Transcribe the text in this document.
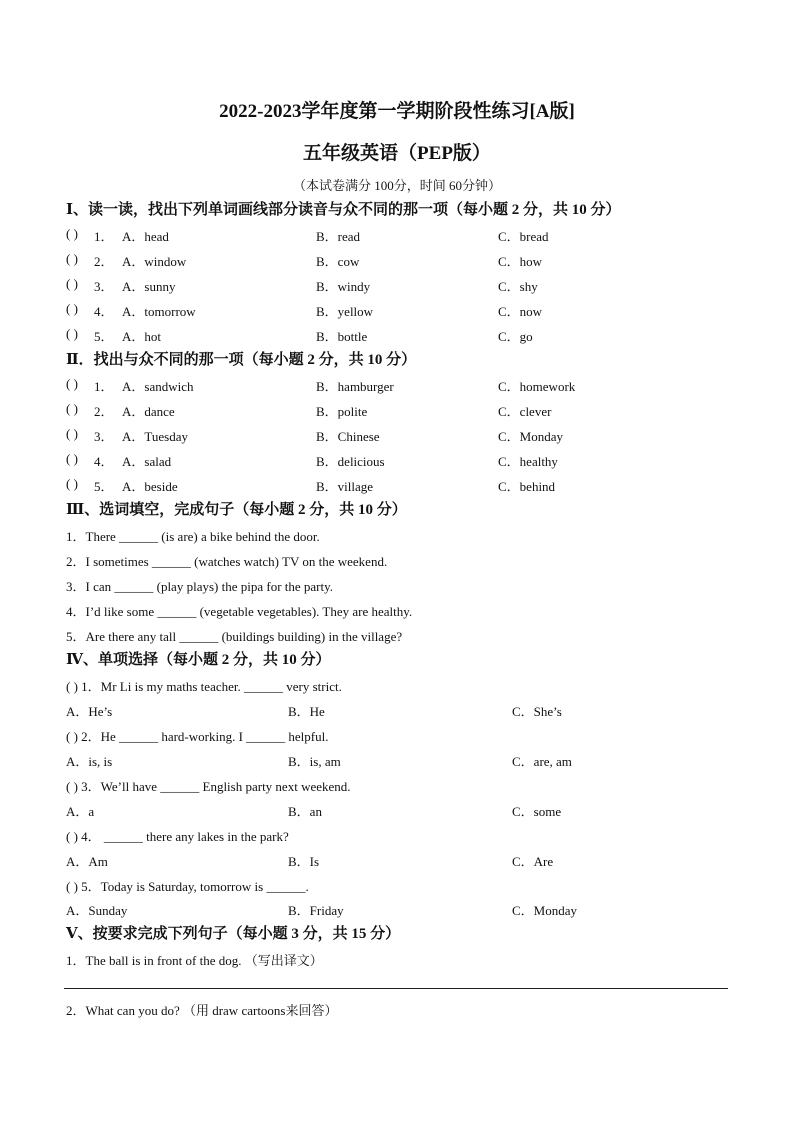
2022-2023学年度第一学期阶段性练习[A版]
五年级英语（PEP版）
（本试卷满分 100分，时间 60分钟）
Ⅰ、读一读，找出下列单词画线部分读音与众不同的那一项（每小题 2 分，共 10 分）
( ) 1． A．head	B．read	C．bread
( ) 2． A．window	B．cow	C．how
( ) 3． A．sunny	B．windy	C．shy
( ) 4． A．tomorrow	B．yellow	C．now
( ) 5． A．hot	B．bottle	C．go
Ⅱ．找出与众不同的那一项（每小题 2 分，共 10 分）
( ) 1． A．sandwich	B．hamburger	C．homework
( ) 2． A．dance	B．polite	C．clever
( ) 3． A．Tuesday	B．Chinese	C．Monday
( ) 4． A．salad	B．delicious	C．healthy
( ) 5． A．beside	B．village	C．behind
Ⅲ、选词填空，完成句子（每小题 2 分，共 10 分）
1．There ______ (is are) a bike behind the door.
2．I sometimes ______ (watches watch) TV on the weekend.
3．I can ______ (play plays) the pipa for the party.
4．I’d like some ______ (vegetable vegetables). They are healthy.
5．Are there any tall ______ (buildings building) in the village?
Ⅳ、单项选择（每小题 2 分，共 10 分）
( ) 1．Mr Li is my maths teacher. ______ very strict.
A．He’s	B．He	C．She’s
( ) 2．He ______ hard-working. I ______ helpful.
A．is, is	B．is, am	C．are, am
( ) 3．We’ll have ______ English party next weekend.
A．a	B．an	C．some
( ) 4． ______ there any lakes in the park?
A．Am	B．Is	C．Are
( ) 5．Today is Saturday, tomorrow is ______.
A．Sunday	B．Friday	C．Monday
Ⅴ、按要求完成下列句子（每小题 3 分，共 15 分）
1．The ball is in front of the dog. （写出译文）
2．What can you do? （用 draw cartoons来回答）
